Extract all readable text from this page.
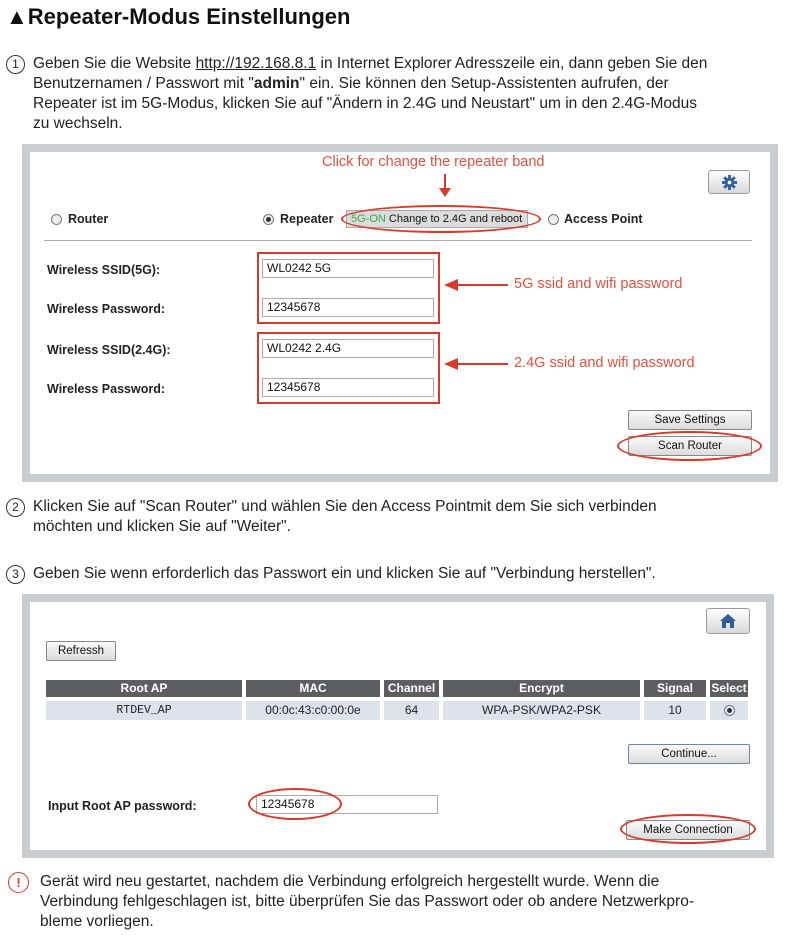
▲Repeater-Modus Einstellungen
1 Geben Sie die Website http://192.168.8.1 in Internet Explorer Adresszeile ein, dann geben Sie den
Benutzernamen / Passwort mit "admin" ein. Sie können den Setup-Assistenten aufrufen, der
Repeater ist im 5G-Modus, klicken Sie auf "Ändern in 2.4G und Neustart" um in den 2.4G-Modus
zu wechseln.
Click for change the repeater band
Router	Repeater	5G-ON Change to 2.4G and reboot	Access Point
Wireless SSID(5G):	WL0242 5G
Wireless Password:	12345678
Wireless SSID(2.4G):	WL0242 2.4G
Wireless Password:	12345678
5G ssid and wifi password
2.4G ssid and wifi password
Save Settings
Scan Router
2 Klicken Sie auf "Scan Router" und wählen Sie den Access Pointmit dem Sie sich verbinden
möchten und klicken Sie auf "Weiter".
3 Geben Sie wenn erforderlich das Passwort ein und klicken Sie auf "Verbindung herstellen".
Refressh
Root AP	MAC	Channel	Encrypt	Signal	Select
RTDEV_AP	00:0c:43:c0:00:0e	64	WPA-PSK/WPA2-PSK	10
Continue...
Input Root AP password:	12345678
Make Connection
!	Gerät wird neu gestartet, nachdem die Verbindung erfolgreich hergestellt wurde. Wenn die
Verbindung fehlgeschlagen ist, bitte überprüfen Sie das Passwort oder ob andere Netzwerkpro-
bleme vorliegen.
